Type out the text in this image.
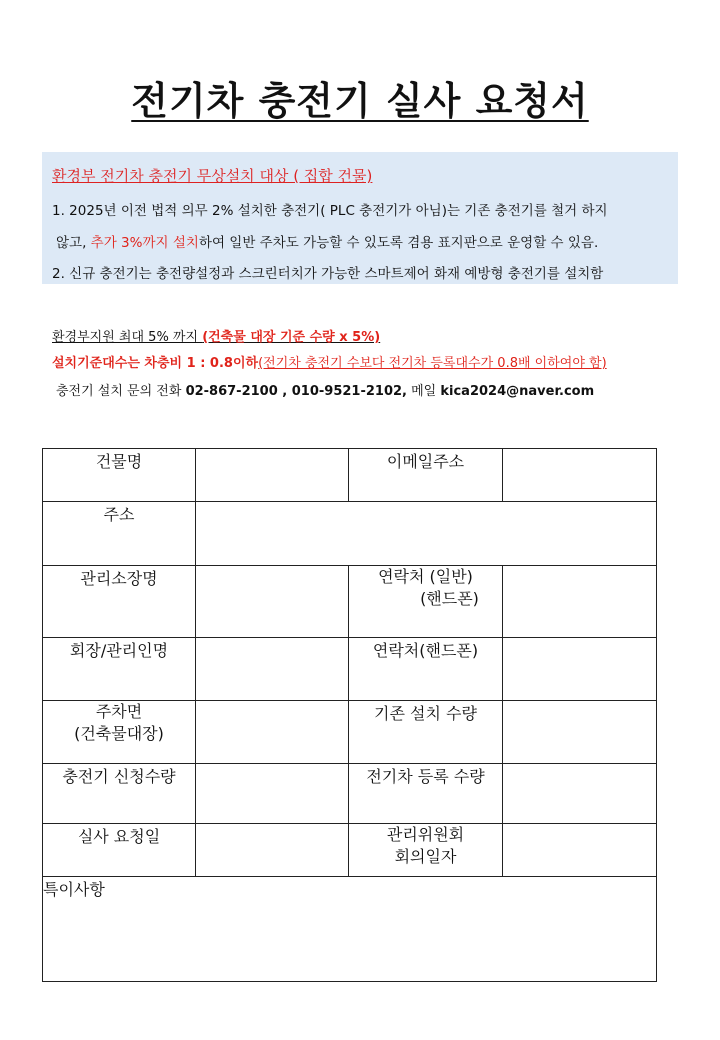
전기차 충전기 실사 요청서
환경부 전기차 충전기 무상설치 대상 ( 집합 건물)
1. 2025년 이전 법적 의무 2% 설치한 충전기( PLC 충전기가 아님)는 기존 충전기를 철거 하지
않고, 추가 3%까지 설치하여 일반 주차도 가능할 수 있도록 겸용 표지판으로 운영할 수 있음.
2. 신규 충전기는 충전량설정과 스크린터치가 가능한 스마트제어 화재 예방형 충전기를 설치함
환경부지원 최대 5% 까지 (건축물 대장 기준 수량 x 5%)
설치기준대수는 차충비 1 : 0.8이하(전기차 충전기 수보다 전기차 등록대수가 0.8배 이하여야 함)
충전기 설치 문의 전화 02-867-2100 , 010-9521-2102, 메일 kica2024@naver.com
건물명		이메일주소	
주소			
관리소장명		연락처 (일반)
(핸드폰)	

회장/관리인명		연락처(핸드폰)	

주차면
(건축물대장)		기존 설치 수량	
충전기 신청수량		전기차 등록 수량	
실사 요청일		관리위원회
회의일자	

특이사항			
